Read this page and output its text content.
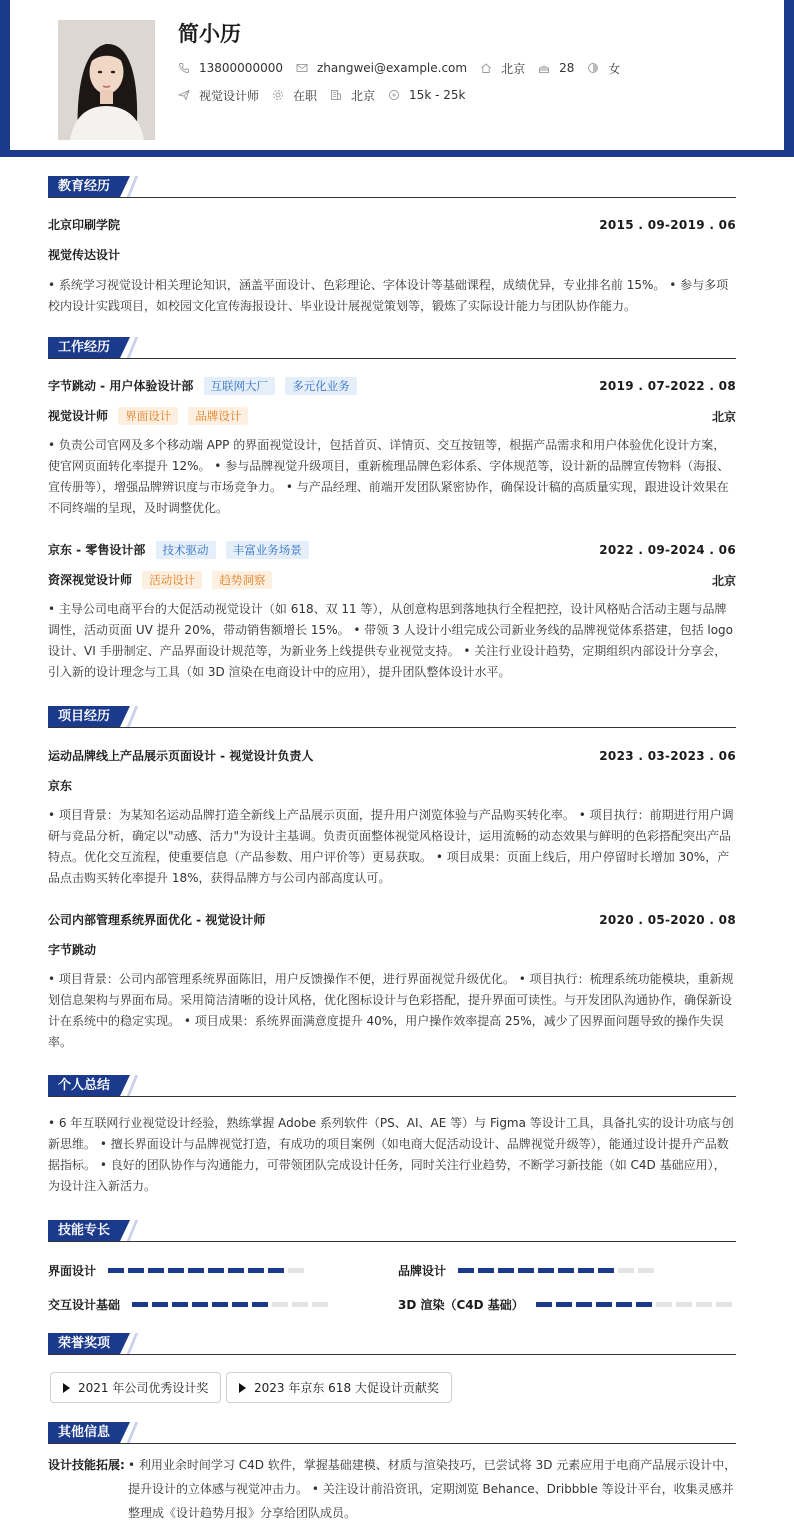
简小历
13800000000	zhangwei@example.com	北京	28	女
视觉设计师	在职	北京	15k - 25k
教育经历
北京印刷学院	2015 . 09-2019 . 06
视觉传达设计
• 系统学习视觉设计相关理论知识，涵盖平面设计、色彩理论、字体设计等基础课程，成绩优异，专业排名前 15%。 • 参与多项校内设计实践项目，如校园文化宣传海报设计、毕业设计展视觉策划等，锻炼了实际设计能力与团队协作能力。
工作经历
字节跳动 - 用户体验设计部 互联网大厂 多元化业务	2019 . 07-2022 . 08
视觉设计师 界面设计 品牌设计	北京
• 负责公司官网及多个移动端 APP 的界面视觉设计，包括首页、详情页、交互按钮等，根据产品需求和用户体验优化设计方案，使官网页面转化率提升 12%。 • 参与品牌视觉升级项目，重新梳理品牌色彩体系、字体规范等，设计新的品牌宣传物料（海报、宣传册等），增强品牌辨识度与市场竞争力。 • 与产品经理、前端开发团队紧密协作，确保设计稿的高质量实现，跟进设计效果在不同终端的呈现，及时调整优化。
京东 - 零售设计部 技术驱动 丰富业务场景	2022 . 09-2024 . 06
资深视觉设计师 活动设计 趋势洞察	北京
• 主导公司电商平台的大促活动视觉设计（如 618、双 11 等），从创意构思到落地执行全程把控，设计风格贴合活动主题与品牌调性，活动页面 UV 提升 20%，带动销售额增长 15%。 • 带领 3 人设计小组完成公司新业务线的品牌视觉体系搭建，包括 logo 设计、VI 手册制定、产品界面设计规范等，为新业务上线提供专业视觉支持。 • 关注行业设计趋势，定期组织内部设计分享会，引入新的设计理念与工具（如 3D 渲染在电商设计中的应用），提升团队整体设计水平。
项目经历
运动品牌线上产品展示页面设计 - 视觉设计负责人	2023 . 03-2023 . 06
京东
• 项目背景：为某知名运动品牌打造全新线上产品展示页面，提升用户浏览体验与产品购买转化率。 • 项目执行：前期进行用户调研与竞品分析，确定以"动感、活力"为设计主基调。负责页面整体视觉风格设计，运用流畅的动态效果与鲜明的色彩搭配突出产品特点。优化交互流程，使重要信息（产品参数、用户评价等）更易获取。 • 项目成果：页面上线后，用户停留时长增加 30%，产品点击购买转化率提升 18%，获得品牌方与公司内部高度认可。
公司内部管理系统界面优化 - 视觉设计师	2020 . 05-2020 . 08
字节跳动
• 项目背景：公司内部管理系统界面陈旧，用户反馈操作不便，进行界面视觉升级优化。 • 项目执行：梳理系统功能模块，重新规划信息架构与界面布局。采用简洁清晰的设计风格，优化图标设计与色彩搭配，提升界面可读性。与开发团队沟通协作，确保新设计在系统中的稳定实现。 • 项目成果：系统界面满意度提升 40%，用户操作效率提高 25%，减少了因界面问题导致的操作失误率。
个人总结
• 6 年互联网行业视觉设计经验，熟练掌握 Adobe 系列软件（PS、AI、AE 等）与 Figma 等设计工具，具备扎实的设计功底与创新思维。 • 擅长界面设计与品牌视觉打造，有成功的项目案例（如电商大促活动设计、品牌视觉升级等），能通过设计提升产品数据指标。 • 良好的团队协作与沟通能力，可带领团队完成设计任务，同时关注行业趋势，不断学习新技能（如 C4D 基础应用），为设计注入新活力。
技能专长
界面设计	品牌设计
交互设计基础	3D 渲染（C4D 基础）
荣誉奖项
2021 年公司优秀设计奖	2023 年京东 618 大促设计贡献奖
其他信息
设计技能拓展: • 利用业余时间学习 C4D 软件，掌握基础建模、材质与渲染技巧，已尝试将 3D 元素应用于电商产品展示设计中，提升设计的立体感与视觉冲击力。 • 关注设计前沿资讯，定期浏览 Behance、Dribbble 等设计平台，收集灵感并整理成《设计趋势月报》分享给团队成员。
